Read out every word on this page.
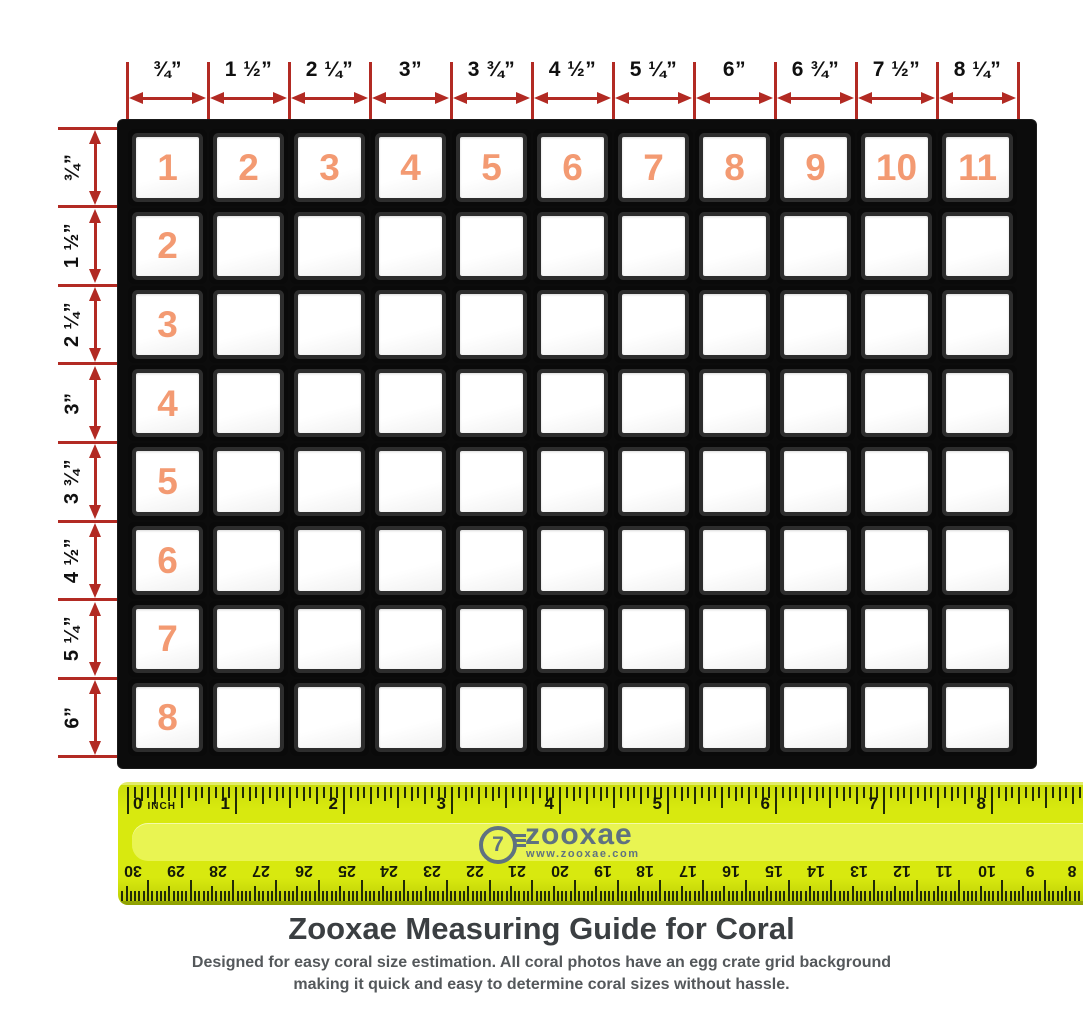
¾”	1 ½”	2 ¼”	3”	3 ¾”	4 ½”	5 ¼”	6”	6 ¾”	7 ½”	8 ¼”
¾”
1 ½”
2 ¼”
3”
3 ¾”
4 ½”
5 ¼”
6”
1 2 3 4 5 6 7 8 9 10 11
2
3
4
5
6
7
8
0 INCH	1	2	3	4	5	6	7	8
30	29	28	27	26	25	24	23	22	21	20	19	18	17	16	15	14	13	12	11	10	9	8
7 zooxae
www.zooxae.com
Zooxae Measuring Guide for Coral
Designed for easy coral size estimation. All coral photos have an egg crate grid background
making it quick and easy to determine coral sizes without hassle.
